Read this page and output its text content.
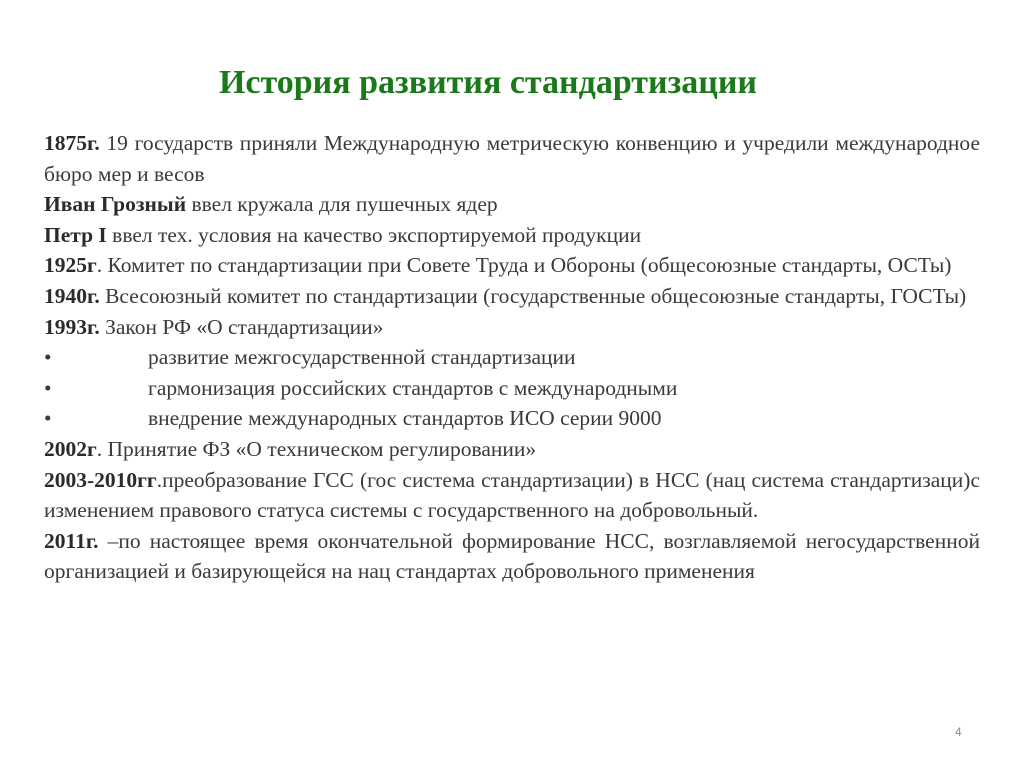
История развития стандартизации

1875г. 19 государств приняли Международную метрическую конвенцию и учредили международное бюро мер и весов

Иван Грозный ввел кружала для пушечных ядер

Петр I ввел тех. условия на качество экспортируемой продукции

1925г. Комитет по стандартизации при Совете Труда и Обороны (общесоюзные стандарты, ОСТы)

1940г. Всесоюзный комитет по стандартизации (государственные общесоюзные стандарты, ГОСТы)

1993г. Закон РФ «О стандартизации»

•	развитие межгосударственной стандартизации

•	гармонизация российских стандартов с международными

•	внедрение международных стандартов ИСО серии 9000

2002г. Принятие ФЗ «О техническом регулировании»

2003-2010гг.преобразование ГСС (гос система стандартизации) в НСС (нац система стандартизаци)с изменением правового статуса системы с государственного на добровольный.

2011г. –по настоящее время окончательной формирование НСС, возглавляемой негосударственной организацией и базирующейся на нац стандартах добровольного применения

4
